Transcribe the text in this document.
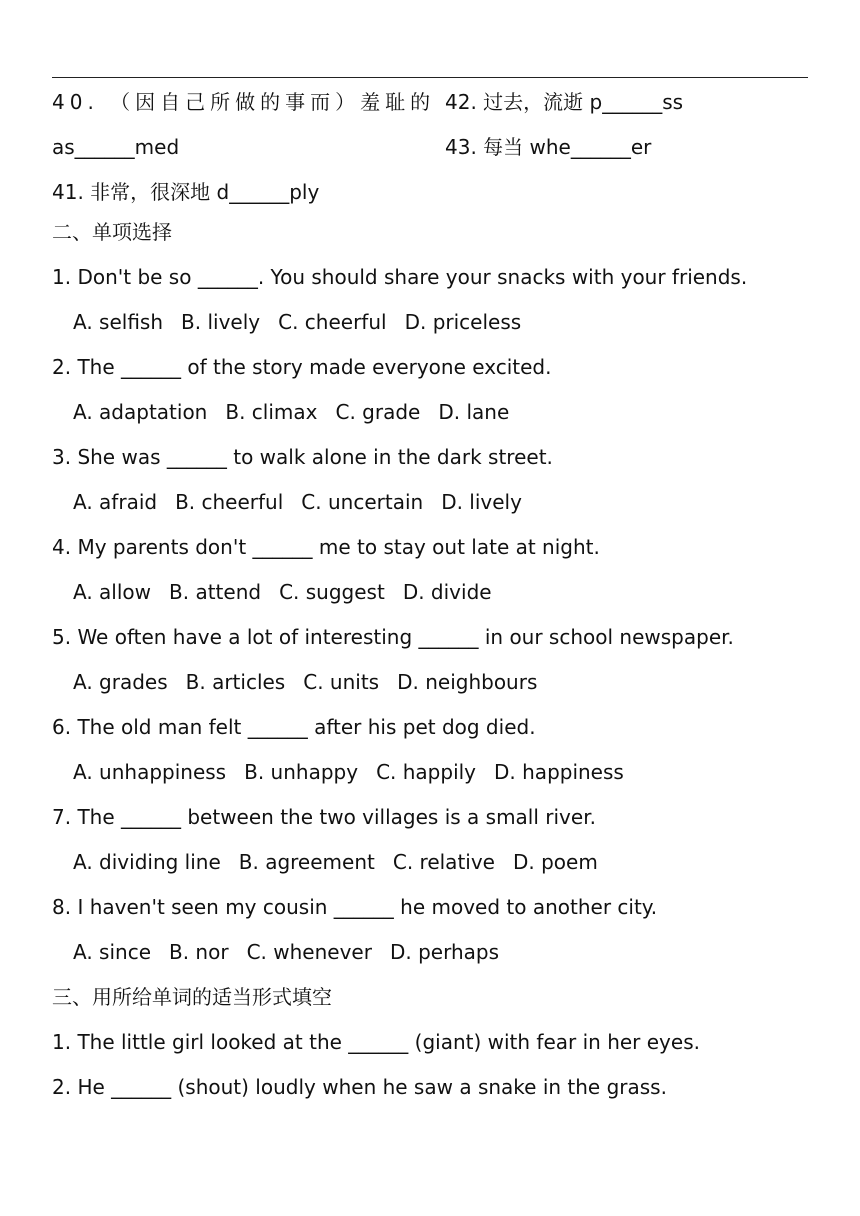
40. （因自己所做的事而）羞耻的
as______med
41. 非常，很深地 d______ply
42. 过去，流逝 p______ss
43. 每当 whe______er
二、单项选择
1. Don't be so ______. You should share your snacks with your friends.
A. selfish B. lively C. cheerful D. priceless
2. The ______ of the story made everyone excited.
A. adaptation B. climax C. grade D. lane
3. She was ______ to walk alone in the dark street.
A. afraid B. cheerful C. uncertain D. lively
4. My parents don't ______ me to stay out late at night.
A. allow B. attend C. suggest D. divide
5. We often have a lot of interesting ______ in our school newspaper.
A. grades B. articles C. units D. neighbours
6. The old man felt ______ after his pet dog died.
A. unhappiness B. unhappy C. happily D. happiness
7. The ______ between the two villages is a small river.
A. dividing line B. agreement C. relative D. poem
8. I haven't seen my cousin ______ he moved to another city.
A. since B. nor C. whenever D. perhaps
三、用所给单词的适当形式填空
1. The little girl looked at the ______ (giant) with fear in her eyes.
2. He ______ (shout) loudly when he saw a snake in the grass.
